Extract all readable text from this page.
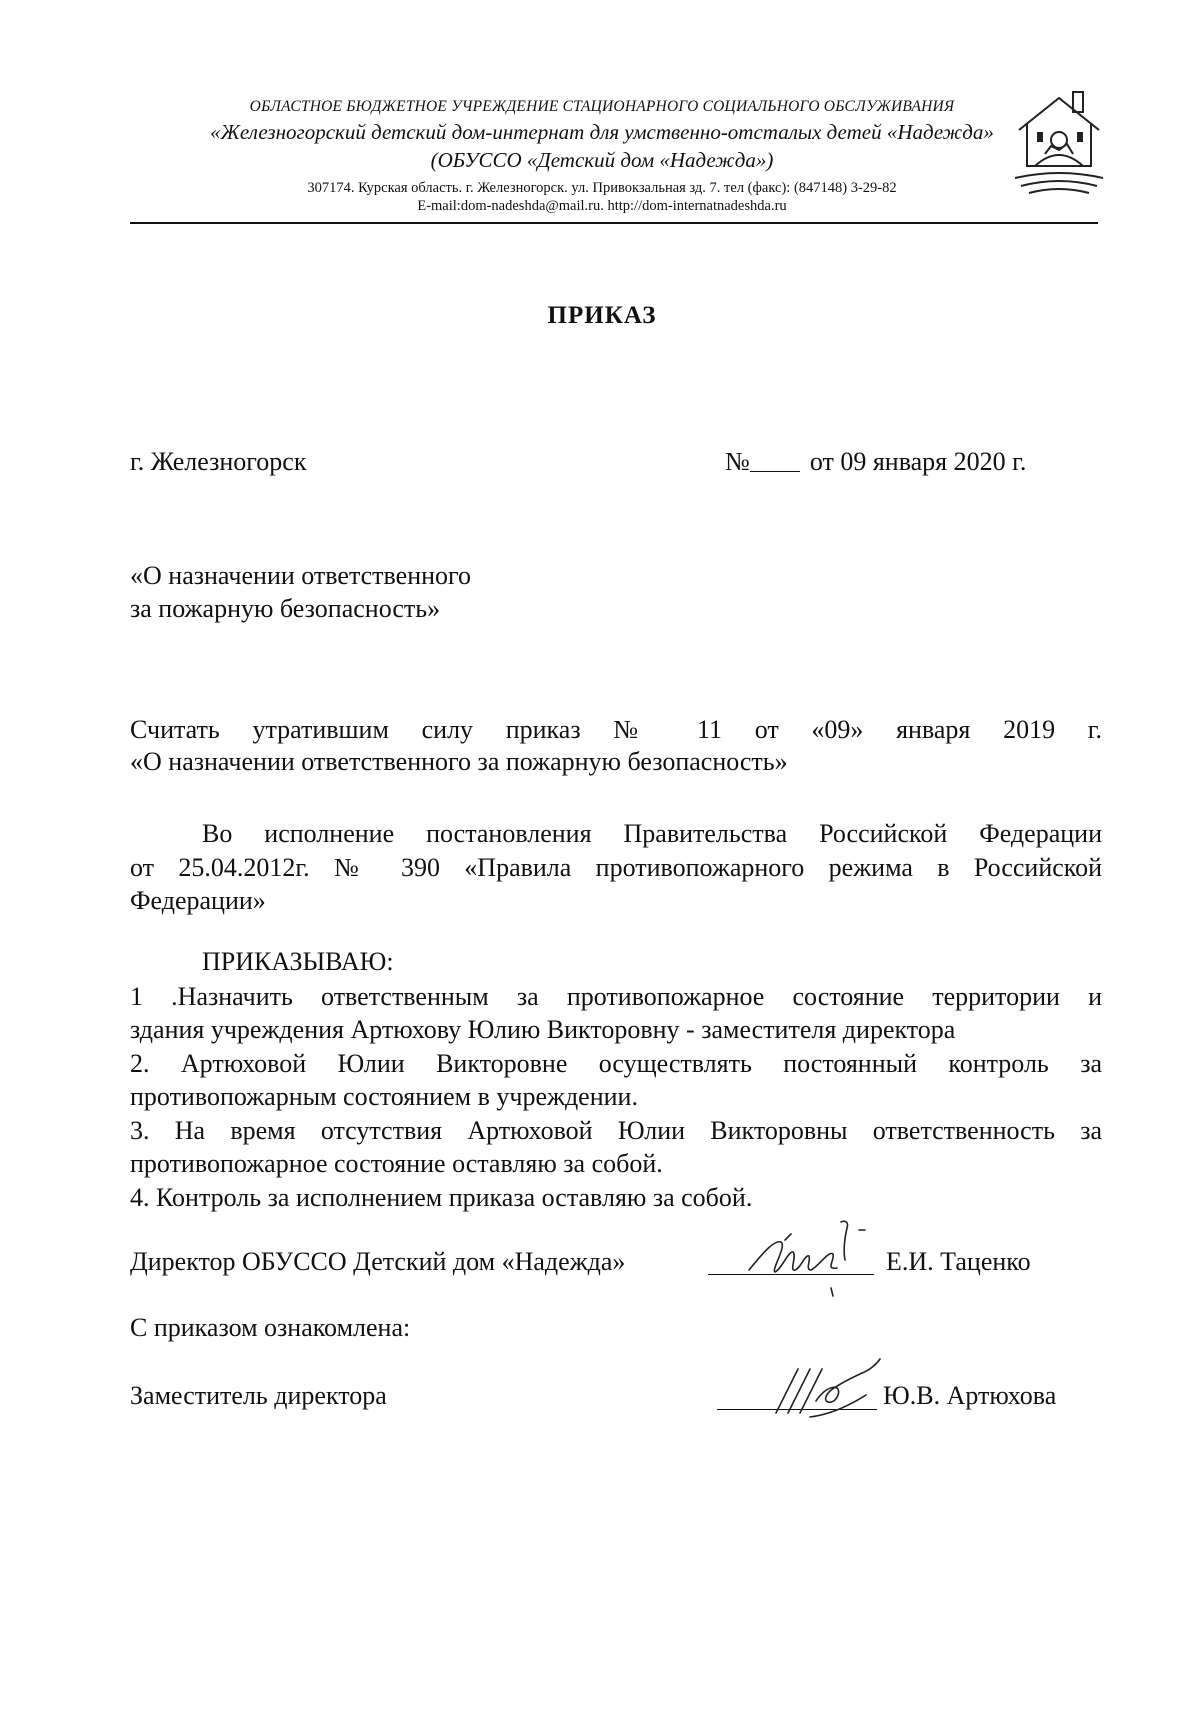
ОБЛАСТНОЕ БЮДЖЕТНОЕ УЧРЕЖДЕНИЕ СТАЦИОНАРНОГО СОЦИАЛЬНОГО ОБСЛУЖИВАНИЯ
«Железногорский детский дом-интернат для умственно-отсталых детей «Надежда»
(ОБУССО «Детский дом «Надежда»)
307174. Курская область. г. Железногорск. ул. Привокзальная зд. 7. тел (факс): (847148) 3-29-82
E-mail:dom-nadeshda@mail.ru. http://dom-internatnadeshda.ru
ПРИКАЗ
г. Железногорск	№ от 09 января 2020 г.
«О назначении ответственного
за пожарную безопасность»
Считать утратившим силу приказ № 11 от «09» января 2019 г.
«О назначении ответственного за пожарную безопасность»
Во исполнение постановления Правительства Российской Федерации
от 25.04.2012г. № 390 «Правила противопожарного режима в Российской
Федерации»
ПРИКАЗЫВАЮ:
1 .Назначить ответственным за противопожарное состояние территории и
здания учреждения Артюхову Юлию Викторовну - заместителя директора
2. Артюховой Юлии Викторовне осуществлять постоянный контроль за
противопожарным состоянием в учреждении.
3. На время отсутствия Артюховой Юлии Викторовны ответственность за
противопожарное состояние оставляю за собой.
4. Контроль за исполнением приказа оставляю за собой.
Директор ОБУССО Детский дом «Надежда»	Е.И. Таценко
С приказом ознакомлена:
Заместитель директора	Ю.В. Артюхова
